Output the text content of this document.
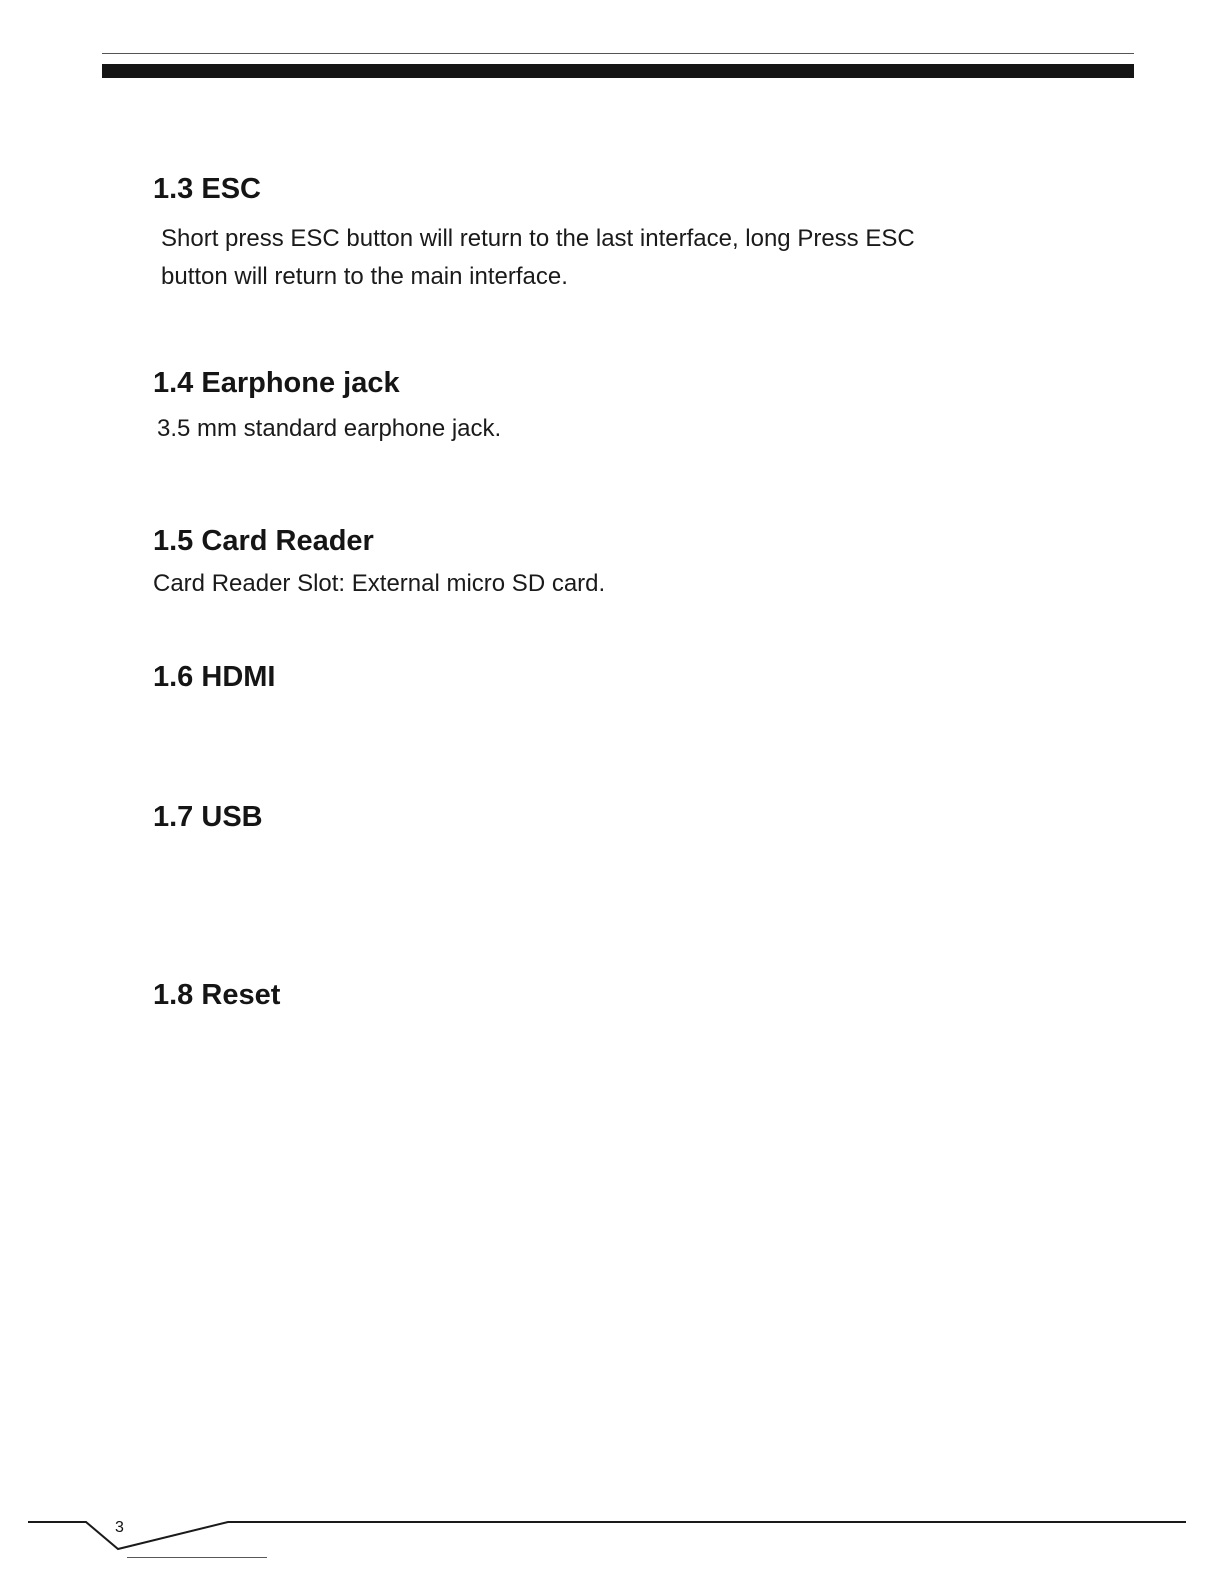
1.3 ESC

Short press ESC button will return to the last interface, long Press ESC

button will return to the main interface.

1.4 Earphone jack

3.5 mm standard earphone jack.

1.5 Card Reader

Card Reader Slot: External micro SD card.

1.6 HDMI
1.7 USB
1.8 Reset
3
